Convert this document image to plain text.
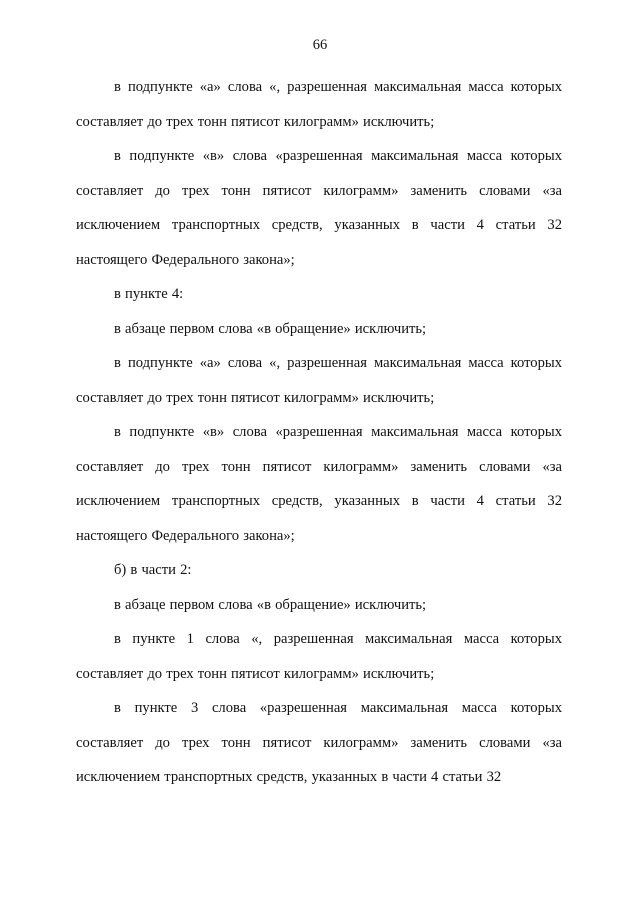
66

в подпункте «а» слова «, разрешенная максимальная масса которых составляет до трех тонн пятисот килограмм» исключить;

в подпункте «в» слова «разрешенная максимальная масса которых составляет до трех тонн пятисот килограмм» заменить словами «за исключением транспортных средств, указанных в части 4 статьи 32 настоящего Федерального закона»;

в пункте 4:

в абзаце первом слова «в обращение» исключить;

в подпункте «а» слова «, разрешенная максимальная масса которых составляет до трех тонн пятисот килограмм» исключить;

в подпункте «в» слова «разрешенная максимальная масса которых составляет до трех тонн пятисот килограмм» заменить словами «за исключением транспортных средств, указанных в части 4 статьи 32 настоящего Федерального закона»;

б) в части 2:

в абзаце первом слова «в обращение» исключить;

в пункте 1 слова «, разрешенная максимальная масса которых составляет до трех тонн пятисот килограмм» исключить;

в пункте 3 слова «разрешенная максимальная масса которых составляет до трех тонн пятисот килограмм» заменить словами «за исключением транспортных средств, указанных в части 4 статьи 32
